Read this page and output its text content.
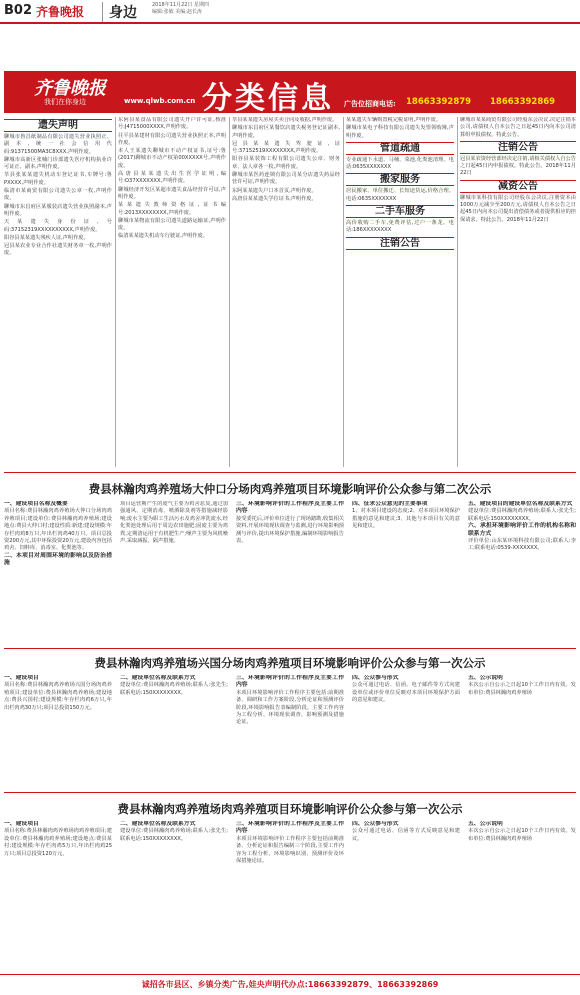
B02 齐鲁晚报	身边	2018年11月22日 星期四
编辑:张敏 美编:赵长涛
齐鲁晚报
我们在你身边	www.qlwb.com.cn 分类信息 广告位招商电话: 18663392879 18663392869
遗失声明

聊城市鲁昌纸制品有限公司遗失营业执照正、副本,统一社会信用代码:91371500MA3C8XXX,声明作废。

聊城市高新区张楠门诊部遗失医疗机构执业许可证正、副本,声明作废。

莘县张某某遗失机动车登记证书,车牌号:鲁PXXXX,声明作废。

临清市某商贸有限公司遗失公章一枚,声明作废。

聊城市东昌府区某服装店遗失营业执照副本,声明作废。

天某遗失身份证,号码:37152319XXXXXXXXXX,声明作废。

阳谷县某某遗失残疾人证,声明作废。

冠县某农业专业合作社遗失财务章一枚,声明作废。

东阿县某食品有限公司遗失开户许可证,核准号:J4715000XXXX,声明作废。

茌平县某建材有限公司遗失营业执照正本,声明作废。

本人王某遗失聊城市不动产权证书,证号:鲁(2017)聊城市不动产权第00XXXXX号,声明作废。

高唐县某某遗失出生医学证明,编号:O37XXXXXXX,声明作废。

聊城经济开发区某超市遗失食品经营许可证,声明作废。

某某遗失教师资格证,证书编号:2013XXXXXXXX,声明作废。

聊城市某物流有限公司遗失道路运输证,声明作废。

临清某某遗失机动车行驶证,声明作废。

莘县某某遗失房屋买卖合同及收据,声明作废。

聊城市东昌府区某餐饮店遗失税务登记证副本,声明作废。

冠县某某遗失驾驶证,证号:37152519XXXXXXXX,声明作废。

阳谷县某装饰工程有限公司遗失公章、财务章、法人章各一枚,声明作废。

聊城市某医药连锁有限公司某分店遗失药品经营许可证,声明作废。

东阿某某遗失户口本首页,声明作废。

高唐县某某遗失学位证书,声明作废。

某某遗失车辆购置税完税证明,声明作废。

聊城市某电子科技有限公司遗失发票领购簿,声明作废。

管道疏通

专业疏通下水道、马桶、菜池,化粪池清理。电话:0635XXXXXXX

搬家服务

居民搬家、单位搬迁、长短途货运,价格合理。电话:0635XXXXXXX

二手车服务

高价收购二手车,免费评估,过户一条龙。电话:186XXXXXXXX

注销公告

聊城市某某商贸有限公司经股东会决议,决定注销本公司,请债权人自本公告之日起45日内向本公司清算组申报债权。特此公告。

注销公告

冠县某农资经营部经决定注销,请相关债权人自公告之日起45日内申报债权。特此公告。2018年11月22日

减资公告

聊城市某科技有限公司经股东会决议,注册资本由1000万元减少至200万元,请债权人自本公告之日起45日内向本公司提出清偿债务或者提供相应的担保请求。特此公告。2018年11月22日

费县林瀚肉鸡养殖场大仲口分场肉鸡养殖项目环境影响评价公众参与第二次公示
一、建设项目名称及概要

项目名称:费县林瀚肉鸡养殖场大仲口分场肉鸡养殖项目;建设单位:费县林瀚肉鸡养殖场;建设地点:费县大仲口村;建设性质:新建;建设规模:年存栏肉鸡8万只,年出栏肉鸡40万只。项目总投资200万元,其中环保投资20万元,建设内容包括鸡舍、饲料库、消毒室、化粪池等。

二、本项目对周围环境的影响以及防治措施

项目运营期产生的废气主要为鸡舍恶臭,通过加强通风、定期消毒、喷洒除臭剂等措施减轻影响;废水主要为职工生活污水及鸡舍冲洗废水,经化粪池处理后用于周边农田施肥;固废主要为鸡粪,定期清运用于有机肥生产;噪声主要为风机噪声,采取减振、隔声措施。

三、环境影响评价的工作程序及主要工作内容

接受委托后,评价单位进行了现场踏勘,收集相关资料,开展环境现状调查与监测,进行环境影响预测与评价,提出环境保护措施,编制环境影响报告表。

四、征求公众意见的主要事项

1、对本项目建设的态度;2、对本项目环境保护措施的意见和建议;3、其他与本项目有关的意见和建议。

五、建设项目的建设单位名称及联系方式

建设单位:费县林瀚肉鸡养殖场;联系人:张先生;联系电话:150XXXXXXXX。

六、承担环境影响评价工作的机构名称和联系方式

评价单位:山东某环境科技有限公司;联系人:李工;联系电话:0539-XXXXXXX。

费县林瀚肉鸡养殖场兴国分场肉鸡养殖项目环境影响评价公众参与第一次公示
一、建设项目

项目名称:费县林瀚肉鸡养殖场兴国分场肉鸡养殖项目;建设单位:费县林瀚肉鸡养殖场;建设地点:费县兴国村;建设规模:年存栏肉鸡6万只,年出栏肉鸡30万只;项目总投资150万元。

二、建设单位名称及联系方式

建设单位:费县林瀚肉鸡养殖场;联系人:张先生;联系电话:150XXXXXXXX。

三、环境影响评价的工作程序及主要工作内容

本项目环境影响评价工作程序主要包括:前期准备、调研和工作方案阶段,分析论证和预测评价阶段,环境影响报告表编制阶段。主要工作内容为工程分析、环境现状调查、影响预测及措施论证。

四、公众参与形式

公众可通过电话、信函、电子邮件等方式向建设单位或评价单位反映对本项目环境保护方面的意见和建议。

五、公示说明

本次公示自公示之日起10个工作日内有效。发布单位:费县林瀚肉鸡养殖场

费县林瀚肉鸡养殖场肉鸡养殖项目环境影响评价公众参与第一次公示
一、建设项目

项目名称:费县林瀚肉鸡养殖场肉鸡养殖项目;建设单位:费县林瀚肉鸡养殖场;建设地点:费县某村;建设规模:年存栏肉鸡5万只,年出栏肉鸡25万只;项目总投资120万元。

二、建设单位名称及联系方式

建设单位:费县林瀚肉鸡养殖场;联系人:张先生;联系电话:150XXXXXXXX。

三、环境影响评价的工作程序及主要工作内容

本项目环境影响评价工作程序主要包括前期准备、分析论证和报告编制三个阶段,主要工作内容为工程分析、环境影响识别、预测评价及环保措施论证。

四、公众参与形式

公众可通过电话、信函等方式反映意见和建议。

五、公示说明

本次公示自公示之日起10个工作日内有效。发布单位:费县林瀚肉鸡养殖场

诚招各市县区、乡镇分类广告,娃央声明代办点:18663392879、18663392869
